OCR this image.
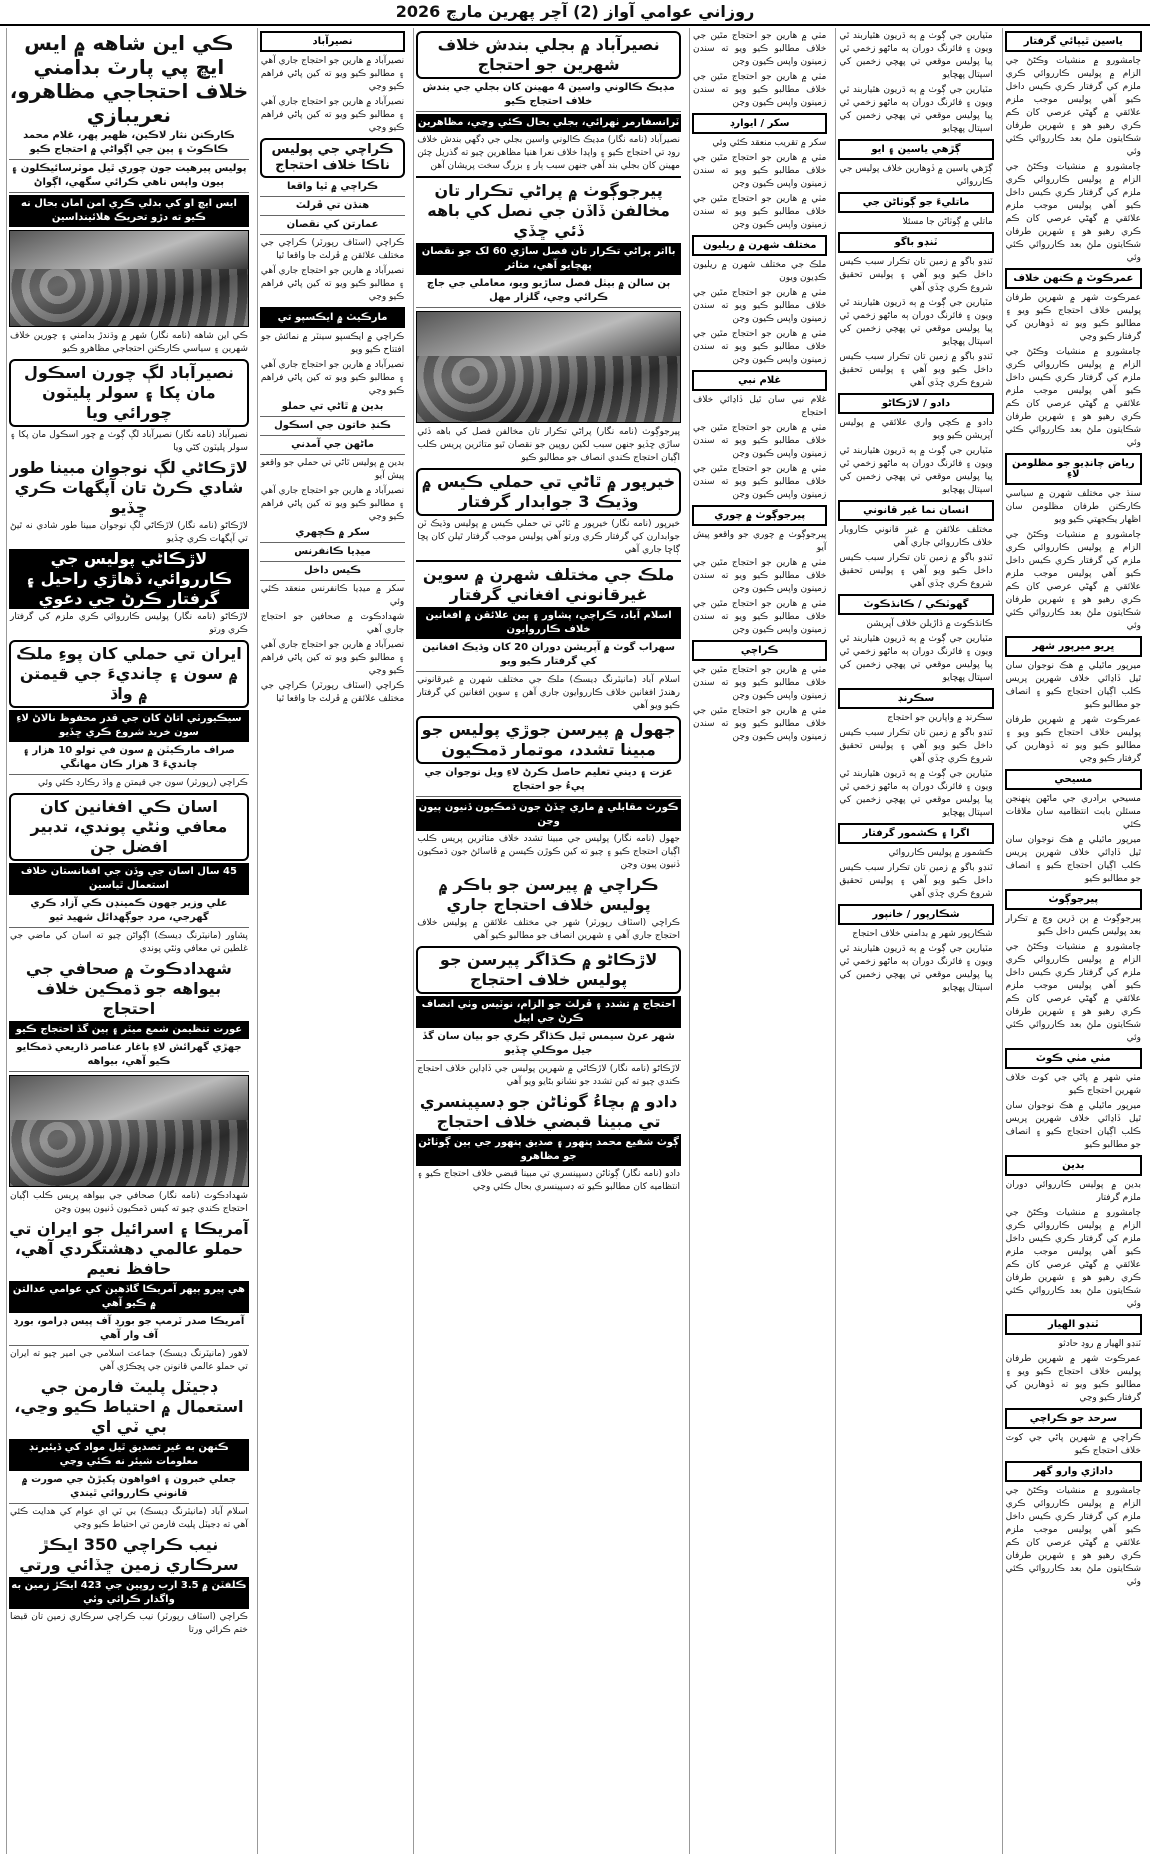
روزاني عوامي آواز (2) آچر پهرين مارچ 2026
ياسين ٿيٻائي گرفتار

ڄامشورو ۾ منشيات وڪڻڻ جي الزام ۾ پوليس ڪارروائي ڪري ملزم کي گرفتار ڪري ڪيس داخل ڪيو آهي پوليس موجب ملزم علائقي ۾ گهڻي عرصي کان ڪم ڪري رهيو هو ۽ شهرين طرفان شڪايتون ملڻ بعد ڪارروائي ڪئي وئي

ڄامشورو ۾ منشيات وڪڻڻ جي الزام ۾ پوليس ڪارروائي ڪري ملزم کي گرفتار ڪري ڪيس داخل ڪيو آهي پوليس موجب ملزم علائقي ۾ گهڻي عرصي کان ڪم ڪري رهيو هو ۽ شهرين طرفان شڪايتون ملڻ بعد ڪارروائي ڪئي وئي

عمرڪوٽ ۾ ڪنهن خلاف

عمرڪوٽ شهر ۾ شهرين طرفان پوليس خلاف احتجاج ڪيو ويو ۽ مطالبو ڪيو ويو ته ڏوهارين کي گرفتار ڪيو وڃي

ڄامشورو ۾ منشيات وڪڻڻ جي الزام ۾ پوليس ڪارروائي ڪري ملزم کي گرفتار ڪري ڪيس داخل ڪيو آهي پوليس موجب ملزم علائقي ۾ گهڻي عرصي کان ڪم ڪري رهيو هو ۽ شهرين طرفان شڪايتون ملڻ بعد ڪارروائي ڪئي وئي

رياض چانڊيو جو مظلومن لاءِ

سنڌ جي مختلف شهرن ۾ سياسي ڪارڪنن طرفان مظلومن سان اظهار يڪجهتي ڪيو ويو

ڄامشورو ۾ منشيات وڪڻڻ جي الزام ۾ پوليس ڪارروائي ڪري ملزم کي گرفتار ڪري ڪيس داخل ڪيو آهي پوليس موجب ملزم علائقي ۾ گهڻي عرصي کان ڪم ڪري رهيو هو ۽ شهرين طرفان شڪايتون ملڻ بعد ڪارروائي ڪئي وئي

ڀريو ميرپور شهر

ميرپور ماٿيلي ۾ هڪ نوجوان سان ٿيل ڏاڍائي خلاف شهرين پريس ڪلب اڳيان احتجاج ڪيو ۽ انصاف جو مطالبو ڪيو

عمرڪوٽ شهر ۾ شهرين طرفان پوليس خلاف احتجاج ڪيو ويو ۽ مطالبو ڪيو ويو ته ڏوهارين کي گرفتار ڪيو وڃي

مسيحي

مسيحي برادري جي ماڻهن پنهنجن مسئلن بابت انتظاميه سان ملاقات ڪئي

ميرپور ماٿيلي ۾ هڪ نوجوان سان ٿيل ڏاڍائي خلاف شهرين پريس ڪلب اڳيان احتجاج ڪيو ۽ انصاف جو مطالبو ڪيو

پيرجوڳوٺ

پيرجوڳوٺ ۾ ٻن ڌرين وچ ۾ تڪرار بعد پوليس ڪيس داخل ڪيو

ڄامشورو ۾ منشيات وڪڻڻ جي الزام ۾ پوليس ڪارروائي ڪري ملزم کي گرفتار ڪري ڪيس داخل ڪيو آهي پوليس موجب ملزم علائقي ۾ گهڻي عرصي کان ڪم ڪري رهيو هو ۽ شهرين طرفان شڪايتون ملڻ بعد ڪارروائي ڪئي وئي

مٺي مٺي ڪوٽ

مٺي شهر ۾ پاڻي جي کوٽ خلاف شهرين احتجاج ڪيو

ميرپور ماٿيلي ۾ هڪ نوجوان سان ٿيل ڏاڍائي خلاف شهرين پريس ڪلب اڳيان احتجاج ڪيو ۽ انصاف جو مطالبو ڪيو

بدين

بدين ۾ پوليس ڪارروائي دوران ملزم گرفتار

ڄامشورو ۾ منشيات وڪڻڻ جي الزام ۾ پوليس ڪارروائي ڪري ملزم کي گرفتار ڪري ڪيس داخل ڪيو آهي پوليس موجب ملزم علائقي ۾ گهڻي عرصي کان ڪم ڪري رهيو هو ۽ شهرين طرفان شڪايتون ملڻ بعد ڪارروائي ڪئي وئي

ٽنڊو الهيار

ٽنڊو الهيار ۾ روڊ حادثو

عمرڪوٽ شهر ۾ شهرين طرفان پوليس خلاف احتجاج ڪيو ويو ۽ مطالبو ڪيو ويو ته ڏوهارين کي گرفتار ڪيو وڃي

سرحد جو ڪراچي

ڪراچي ۾ شهرين پاڻي جي کوٽ خلاف احتجاج ڪيو

داداڙي وارو گهر

ڄامشورو ۾ منشيات وڪڻڻ جي الزام ۾ پوليس ڪارروائي ڪري ملزم کي گرفتار ڪري ڪيس داخل ڪيو آهي پوليس موجب ملزم علائقي ۾ گهڻي عرصي کان ڪم ڪري رهيو هو ۽ شهرين طرفان شڪايتون ملڻ بعد ڪارروائي ڪئي وئي

مٽيارين جي ڳوٺ ۾ ٻه ڌريون هٿياربند ٿي ويون ۽ فائرنگ دوران ٻه ماڻهو زخمي ٿي پيا پوليس موقعي تي پهچي زخمين کي اسپتال پهچايو

مٽيارين جي ڳوٺ ۾ ٻه ڌريون هٿياربند ٿي ويون ۽ فائرنگ دوران ٻه ماڻهو زخمي ٿي پيا پوليس موقعي تي پهچي زخمين کي اسپتال پهچايو

ڳڙهي ياسين ۽ ايو

ڳڙهي ياسين ۾ ڏوهارين خلاف پوليس جي ڪارروائي

ماتليءَ جو ڳوٺاڻن جي

ماتلي ۾ ڳوٺاڻن جا مسئلا

ٽنڊو باگو

ٽنڊو باگو ۾ زمين تان تڪرار سبب ڪيس داخل ڪيو ويو آهي ۽ پوليس تحقيق شروع ڪري ڇڏي آهي

مٽيارين جي ڳوٺ ۾ ٻه ڌريون هٿياربند ٿي ويون ۽ فائرنگ دوران ٻه ماڻهو زخمي ٿي پيا پوليس موقعي تي پهچي زخمين کي اسپتال پهچايو

ٽنڊو باگو ۾ زمين تان تڪرار سبب ڪيس داخل ڪيو ويو آهي ۽ پوليس تحقيق شروع ڪري ڇڏي آهي

دادو / لاڙڪاڻو

دادو ۾ ڪچي واري علائقي ۾ پوليس آپريشن ڪيو ويو

مٽيارين جي ڳوٺ ۾ ٻه ڌريون هٿياربند ٿي ويون ۽ فائرنگ دوران ٻه ماڻهو زخمي ٿي پيا پوليس موقعي تي پهچي زخمين کي اسپتال پهچايو

انسان نما غير قانوني

مختلف علائقن ۾ غير قانوني ڪاروبار خلاف ڪارروائي جاري آهي

ٽنڊو باگو ۾ زمين تان تڪرار سبب ڪيس داخل ڪيو ويو آهي ۽ پوليس تحقيق شروع ڪري ڇڏي آهي

گهوٽڪي / ڪانڌڪوٽ

ڪانڌڪوٽ ۾ ڌاڙيلن خلاف آپريشن

مٽيارين جي ڳوٺ ۾ ٻه ڌريون هٿياربند ٿي ويون ۽ فائرنگ دوران ٻه ماڻهو زخمي ٿي پيا پوليس موقعي تي پهچي زخمين کي اسپتال پهچايو

سڪرنڊ

سڪرنڊ ۾ واپارين جو احتجاج

ٽنڊو باگو ۾ زمين تان تڪرار سبب ڪيس داخل ڪيو ويو آهي ۽ پوليس تحقيق شروع ڪري ڇڏي آهي

مٽيارين جي ڳوٺ ۾ ٻه ڌريون هٿياربند ٿي ويون ۽ فائرنگ دوران ٻه ماڻهو زخمي ٿي پيا پوليس موقعي تي پهچي زخمين کي اسپتال پهچايو

اگرا ۽ ڪشمور گرفتار

ڪشمور ۾ پوليس ڪارروائي

ٽنڊو باگو ۾ زمين تان تڪرار سبب ڪيس داخل ڪيو ويو آهي ۽ پوليس تحقيق شروع ڪري ڇڏي آهي

شڪارپور / خانپور

شڪارپور شهر ۾ بدامني خلاف احتجاج

مٽيارين جي ڳوٺ ۾ ٻه ڌريون هٿياربند ٿي ويون ۽ فائرنگ دوران ٻه ماڻهو زخمي ٿي پيا پوليس موقعي تي پهچي زخمين کي اسپتال پهچايو

مٺي ۾ هارين جو احتجاج مٿين جي خلاف مطالبو ڪيو ويو ته سندن زمينون واپس ڪيون وڃن

مٺي ۾ هارين جو احتجاج مٿين جي خلاف مطالبو ڪيو ويو ته سندن زمينون واپس ڪيون وڃن

سکر / ايوارڊ

سکر ۾ تقريب منعقد ڪئي وئي

مٺي ۾ هارين جو احتجاج مٿين جي خلاف مطالبو ڪيو ويو ته سندن زمينون واپس ڪيون وڃن

مٺي ۾ هارين جو احتجاج مٿين جي خلاف مطالبو ڪيو ويو ته سندن زمينون واپس ڪيون وڃن

مختلف شهرن ۾ ريليون

ملڪ جي مختلف شهرن ۾ ريليون ڪڍيون ويون

مٺي ۾ هارين جو احتجاج مٿين جي خلاف مطالبو ڪيو ويو ته سندن زمينون واپس ڪيون وڃن

مٺي ۾ هارين جو احتجاج مٿين جي خلاف مطالبو ڪيو ويو ته سندن زمينون واپس ڪيون وڃن

غلام نبي

غلام نبي سان ٿيل ڏاڍائي خلاف احتجاج

مٺي ۾ هارين جو احتجاج مٿين جي خلاف مطالبو ڪيو ويو ته سندن زمينون واپس ڪيون وڃن

مٺي ۾ هارين جو احتجاج مٿين جي خلاف مطالبو ڪيو ويو ته سندن زمينون واپس ڪيون وڃن

پيرجوڳوٺ ۾ چوري

پيرجوڳوٺ ۾ چوري جو واقعو پيش آيو

مٺي ۾ هارين جو احتجاج مٿين جي خلاف مطالبو ڪيو ويو ته سندن زمينون واپس ڪيون وڃن

مٺي ۾ هارين جو احتجاج مٿين جي خلاف مطالبو ڪيو ويو ته سندن زمينون واپس ڪيون وڃن

ڪراچي

مٺي ۾ هارين جو احتجاج مٿين جي خلاف مطالبو ڪيو ويو ته سندن زمينون واپس ڪيون وڃن

مٺي ۾ هارين جو احتجاج مٿين جي خلاف مطالبو ڪيو ويو ته سندن زمينون واپس ڪيون وڃن

نصيرآباد ۾ بجلي بندش خلاف شهرين جو احتجاج
مڊيڪ ڪالوني واسين 4 مهينن کان بجلي جي بندش خلاف احتجاج ڪيو
ٽرانسفارمر ٺهرائي، بجلي بحال ڪئي وڃي، مظاهرين

نصيرآباد (نامه نگار) مڊيڪ ڪالوني واسين بجلي جي ڊگهي بندش خلاف روڊ تي احتجاج ڪيو ۽ واپڊا خلاف نعرا هنيا مظاهرين چيو ته گذريل چئن مهينن کان بجلي بند آهي جنهن سبب ٻار ۽ بزرگ سخت پريشان آهن

پيرجوڳوٺ ۾ پراڻي تڪرار تان مخالفن ڏاڏن جي نصل کي باهه ڏئي ڇڏي
بااثر پراڻي تڪرار تان فصل ساڙي 60 لک جو نقصان پهچايو آهي، متاثر
ٻن سالن ۾ بيٺل فصل ساڙيو ويو، معاملي جي جاچ ڪرائي وڃي، گلزار مهل

پيرجوڳوٺ (نامه نگار) پراڻي تڪرار تان مخالفن فصل کي باهه ڏئي ساڙي ڇڏيو جنهن سبب لکين روپين جو نقصان ٿيو متاثرين پريس ڪلب اڳيان احتجاج ڪندي انصاف جو مطالبو ڪيو

خيرپور ۾ ٿاڻي تي حملي ڪيس ۾ وڌيڪ 3 جوابدار گرفتار

خيرپور (نامه نگار) خيرپور ۾ ٿاڻي تي حملي ڪيس ۾ پوليس وڌيڪ ٽن جوابدارن کي گرفتار ڪري ورتو آهي پوليس موجب گرفتار ٿيلن کان پڇا ڳاڇا جاري آهي

ملڪ جي مختلف شهرن ۾ سوين غيرقانوني افغاني گرفتار
اسلام آباد، ڪراچي، پشاور ۽ ٻين علائقن ۾ افغانين خلاف ڪارروايون
سهراب گوٺ ۾ آپريشن دوران 20 کان وڌيڪ افغانين کي گرفتار ڪيو ويو

اسلام آباد (مانيٽرنگ ڊيسڪ) ملڪ جي مختلف شهرن ۾ غيرقانوني رهندڙ افغانين خلاف ڪارروايون جاري آهن ۽ سوين افغانين کي گرفتار ڪيو ويو آهي

جهول ۾ پيرسن جوڙي پوليس جو مبينا تشدد، موتمار ڌمڪيون
عزت ۽ ديني تعليم حاصل ڪرڻ لاءِ ويل نوجوان جي پيءُ جو احتجاج
ڪورٽ مقابلي ۾ ماري ڇڏڻ جون ڌمڪيون ڏنيون پيون وڃن

جهول (نامه نگار) پوليس جي مبينا تشدد خلاف متاثرين پريس ڪلب اڳيان احتجاج ڪيو ۽ چيو ته کين ڪوڙن ڪيسن ۾ ڦاسائڻ جون ڌمڪيون ڏنيون پيون وڃن

ڪراچي ۾ پيرسن جو باڪر ۾ پوليس خلاف احتجاج جاري

ڪراچي (اسٽاف رپورٽر) شهر جي مختلف علائقن ۾ پوليس خلاف احتجاج جاري آهي ۽ شهرين انصاف جو مطالبو ڪيو آهي

لاڙڪاڻو ۾ ڪڌاگر پيرسن جو پوليس خلاف احتجاج
احتجاج ۾ تشدد ۽ ڦرلٽ جو الزام، نوٽيس وٺي انصاف ڪرڻ جي اپيل
شهر عرڻ سيمس ٿيل ڪڌاگر ڪري جو بيان سان گڏ جيل موڪلي ڇڏيو

لاڙڪاڻو (نامه نگار) لاڙڪاڻي ۾ شهرين پوليس جي ڏاڍاين خلاف احتجاج ڪندي چيو ته کين تشدد جو نشانو بڻايو ويو آهي

دادو ۾ بچاءُ گوٺاڻن جو ڊسپينسري تي مبينا قبضي خلاف احتجاج
ڳوٺ شفيع محمد پنهور ۽ صديق پنهور جي ٻين ڳوٺاڻن جو مظاهرو

دادو (نامه نگار) ڳوٺاڻن ڊسپينسري تي مبينا قبضي خلاف احتجاج ڪيو ۽ انتظاميه کان مطالبو ڪيو ته ڊسپينسري بحال ڪئي وڃي

نصيرآباد

نصيرآباد ۾ هارين جو احتجاج جاري آهي ۽ مطالبو ڪيو ويو ته کين پاڻي فراهم ڪيو وڃي

نصيرآباد ۾ هارين جو احتجاج جاري آهي ۽ مطالبو ڪيو ويو ته کين پاڻي فراهم ڪيو وڃي

ڪراچي جي پوليس ناڪا خلاف احتجاج
ڪراچي ۾ ٿيا واقعا
هنڌن تي ڦرلٽ
عمارتن کي نقصان

ڪراچي (اسٽاف رپورٽر) ڪراچي جي مختلف علائقن ۾ ڦرلٽ جا واقعا ٿيا

نصيرآباد ۾ هارين جو احتجاج جاري آهي ۽ مطالبو ڪيو ويو ته کين پاڻي فراهم ڪيو وڃي

مارڪيٽ ۾ ايڪسپو تي

ڪراچي ۾ ايڪسپو سينٽر ۾ نمائش جو افتتاح ڪيو ويو

نصيرآباد ۾ هارين جو احتجاج جاري آهي ۽ مطالبو ڪيو ويو ته کين پاڻي فراهم ڪيو وڃي

بدين ۾ ٿاڻي تي حملو
ڪنڊ خاتون جي اسڪول
ماڻهن جي آمدني

بدين ۾ پوليس ٿاڻي تي حملي جو واقعو پيش آيو

نصيرآباد ۾ هارين جو احتجاج جاري آهي ۽ مطالبو ڪيو ويو ته کين پاڻي فراهم ڪيو وڃي

سکر ۾ ڪچهري
ميڊيا ڪانفرنس
ڪيس داخل

سکر ۾ ميڊيا ڪانفرنس منعقد ڪئي وئي

شهدادڪوٽ ۾ صحافين جو احتجاج جاري آهي

نصيرآباد ۾ هارين جو احتجاج جاري آهي ۽ مطالبو ڪيو ويو ته کين پاڻي فراهم ڪيو وڃي

ڪراچي (اسٽاف رپورٽر) ڪراچي جي مختلف علائقن ۾ ڦرلٽ جا واقعا ٿيا

ڪي اين شاهه ۾ ايس ايڇ پي پارٽ بدامني خلاف احتجاجي مظاهرو، نعريبازي
ڪارڪنن نثار لاڪين، ظهير پهر، غلام محمد ڪاڪوٽ ۽ ٻين جي اڳواڻي ۾ احتجاج ڪيو
پوليس پيرهيت جون چوري ٿيل موٽرسائيڪلون ۽ ٻيون واپس ناهي ڪرائي سگهي، اڳواڻ
ايس ايڇ او کي بدلي ڪري امن امان بحال نه ڪيو ته دڙو تحريڪ هلائينداسين

ڪي اين شاهه (نامه نگار) شهر ۾ وڌندڙ بدامني ۽ چورين خلاف شهرين ۽ سياسي ڪارڪنن احتجاجي مظاهرو ڪيو

نصيرآباد لڳ چورن اسڪول مان پکا ۽ سولر پليٽون چورائي ويا

نصيرآباد (نامه نگار) نصيرآباد لڳ ڳوٺ ۾ چور اسڪول مان پکا ۽ سولر پليٽون کڻي ويا

لاڙڪاڻي لڳ نوجوان مبينا طور شادي ڪرڻ تان آپگهات ڪري ڇڏيو

لاڙڪاڻو (نامه نگار) لاڙڪاڻي لڳ نوجوان مبينا طور شادي نه ٿيڻ تي آپگهات ڪري ڇڏيو

لاڙڪاڻي پوليس جي ڪارروائي، ڏهاڙي راحيل ۽ گرفتار ڪرڻ جي دعوي

لاڙڪاڻو (نامه نگار) پوليس ڪارروائي ڪري ملزم کي گرفتار ڪري ورتو

ايران تي حملي کان پوءِ ملڪ ۾ سون ۽ چانديءَ جي قيمتن ۾ واڌ
سيڪيورٽي اتاڻ کان جي قدر محفوظ نالاڻ لاءِ سون خريد شروع ڪري ڇڏيو
صراف مارڪيٽن ۾ سون في تولو 10 هزار ۽ چانديءَ 3 هزار ڪان مهانگي

ڪراچي (رپورٽر) سون جي قيمتن ۾ واڌ رڪارڊ ڪئي وئي

اسان ڪي افغانين کان معافي وٺڻي پوندي، تدبير افضل جن
45 سال اسان جي وڏن جي افغانستان خلاف استعمال ٿياسين
علي وزير جهون ڪمينڊن ڪي آزاد ڪري گهرجي، مرد جوڳهدائل شهيد ثيو

پشاور (مانيٽرنگ ڊيسڪ) اڳواڻن چيو ته اسان کي ماضي جي غلطين تي معافي وٺڻي پوندي

شهدادڪوٽ ۾ صحافي جي بيواهه جو ڌمڪين خلاف احتجاج
عورت تنظيمن شمع ميٽر ۽ ٻين گڏ احتجاج ڪيو
جهڙي گهرائش لاءِ باغار عناصر ڌاريعي ڌمڪايو ڪيو آهي، بيواهه

شهدادڪوٽ (نامه نگار) صحافي جي بيواهه پريس ڪلب اڳيان احتجاج ڪندي چيو ته کيس ڌمڪيون ڏنيون پيون وڃن

آمريڪا ۽ اسرائيل جو ايران تي حملو عالمي دهشتگردي آهي، حافظ نعيم
هي پيرو ٻيهر آمريڪا گاڏهين کي عوامي عدالتن ۾ ڪيو آهي
آمريڪا صدر ٽرمپ جو بورڊ آف پيس ڊرامو، بورڊ آف وار آهي

لاهور (مانيٽرنگ ڊيسڪ) جماعت اسلامي جي امير چيو ته ايران تي حملو عالمي قانونن جي ڀڃڪڙي آهي

ڊجيٽل پليٽ فارمن جي استعمال ۾ احتياط ڪيو وڃي، بي ٽي اي
ڪنهن به غير تصديق ٿيل مواد کي ڏيئيرنڊ معلومات شيئر نه ڪئي وڃي
جعلي خبرون ۽ افواهون پکيڙڻ جي صورت ۾ قانوني ڪارروائي ٿيندي

اسلام آباد (مانيٽرنگ ڊيسڪ) بي ٽي اي عوام کي هدايت ڪئي آهي ته ڊجيٽل پليٽ فارمن تي احتياط ڪيو وڃي

نيب ڪراچي 350 ايڪڙ سرڪاري زمين ڇڏائي ورتي
ڪلفٽن ۾ 3.5 ارب روپين جي 423 ايڪڙ زمين به واگذار ڪرائي وئي

ڪراچي (اسٽاف رپورٽر) نيب ڪراچي سرڪاري زمين تان قبضا ختم ڪرائي ورتا
